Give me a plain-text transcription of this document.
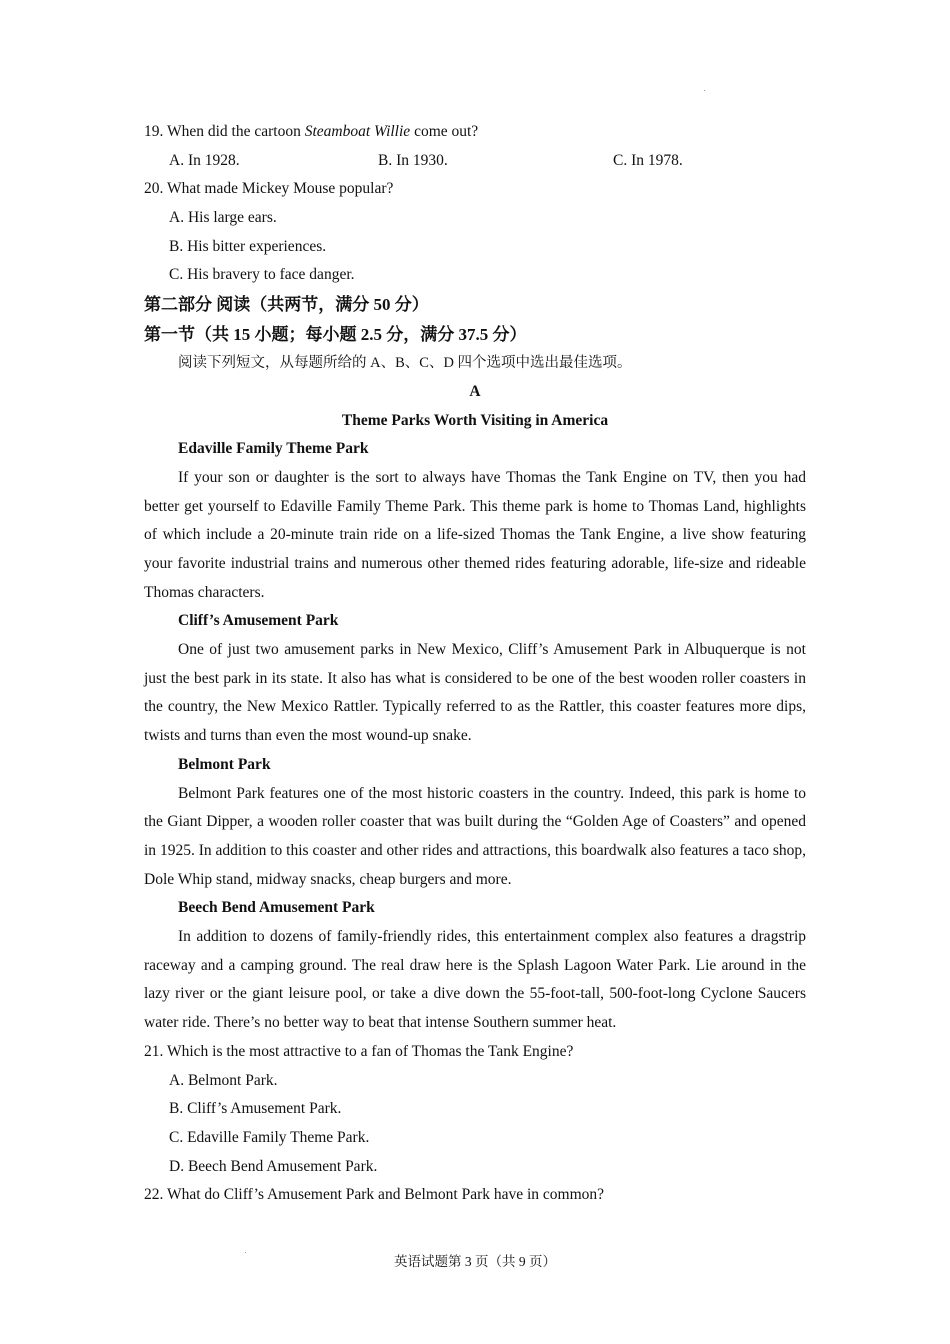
19. When did the cartoon Steamboat Willie come out?
A. In 1928.	B. In 1930.	C. In 1978.
20. What made Mickey Mouse popular?
A. His large ears.
B. His bitter experiences.
C. His bravery to face danger.
第二部分 阅读（共两节，满分 50 分）
第一节（共 15 小题；每小题 2.5 分，满分 37.5 分）
阅读下列短文，从每题所给的 A、B、C、D 四个选项中选出最佳选项。
A
Theme Parks Worth Visiting in America
Edaville Family Theme Park

If your son or daughter is the sort to always have Thomas the Tank Engine on TV, then you had better get yourself to Edaville Family Theme Park. This theme park is home to Thomas Land, highlights of which include a 20-minute train ride on a life-sized Thomas the Tank Engine, a live show featuring your favorite industrial trains and numerous other themed rides featuring adorable, life-size and rideable Thomas characters.

Cliff’s Amusement Park

One of just two amusement parks in New Mexico, Cliff’s Amusement Park in Albuquerque is not just the best park in its state. It also has what is considered to be one of the best wooden roller coasters in the country, the New Mexico Rattler. Typically referred to as the Rattler, this coaster features more dips, twists and turns than even the most wound-up snake.

Belmont Park

Belmont Park features one of the most historic coasters in the country. Indeed, this park is home to the Giant Dipper, a wooden roller coaster that was built during the “Golden Age of Coasters” and opened in 1925. In addition to this coaster and other rides and attractions, this boardwalk also features a taco shop, Dole Whip stand, midway snacks, cheap burgers and more.

Beech Bend Amusement Park

In addition to dozens of family-friendly rides, this entertainment complex also features a dragstrip raceway and a camping ground. The real draw here is the Splash Lagoon Water Park. Lie around in the lazy river or the giant leisure pool, or take a dive down the 55-foot-tall, 500-foot-long Cyclone Saucers water ride. There’s no better way to beat that intense Southern summer heat.

21. Which is the most attractive to a fan of Thomas the Tank Engine?
A. Belmont Park.
B. Cliff’s Amusement Park.
C. Edaville Family Theme Park.
D. Beech Bend Amusement Park.
22. What do Cliff’s Amusement Park and Belmont Park have in common?
英语试题第 3 页（共 9 页）
